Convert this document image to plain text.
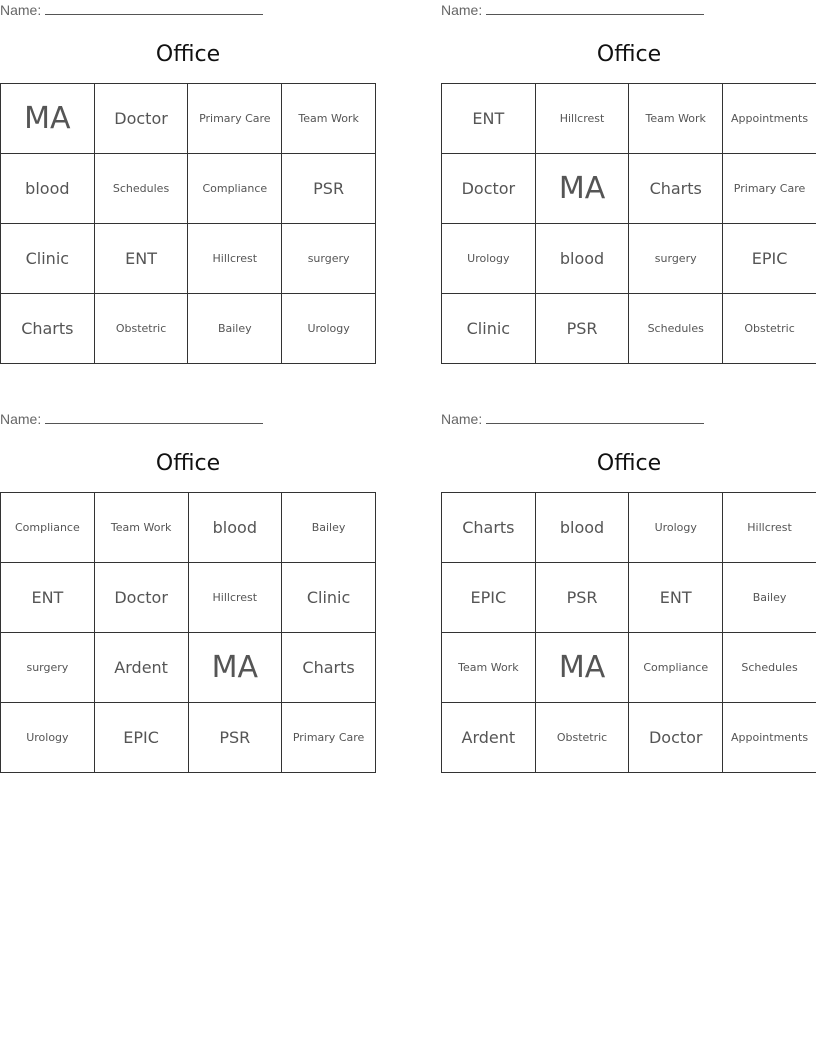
Name:
Office
MA	Doctor	Primary Care	Team Work
blood	Schedules	Compliance	PSR
Clinic	ENT	Hillcrest	surgery
Charts	Obstetric	Bailey	Urology
Name:
Office
ENT	Hillcrest	Team Work	Appointments
Doctor	MA	Charts	Primary Care
Urology	blood	surgery	EPIC
Clinic	PSR	Schedules	Obstetric
Name:
Office
Compliance	Team Work	blood	Bailey
ENT	Doctor	Hillcrest	Clinic
surgery	Ardent	MA	Charts
Urology	EPIC	PSR	Primary Care
Name:
Office
Charts	blood	Urology	Hillcrest
EPIC	PSR	ENT	Bailey
Team Work	MA	Compliance	Schedules
Ardent	Obstetric	Doctor	Appointments
